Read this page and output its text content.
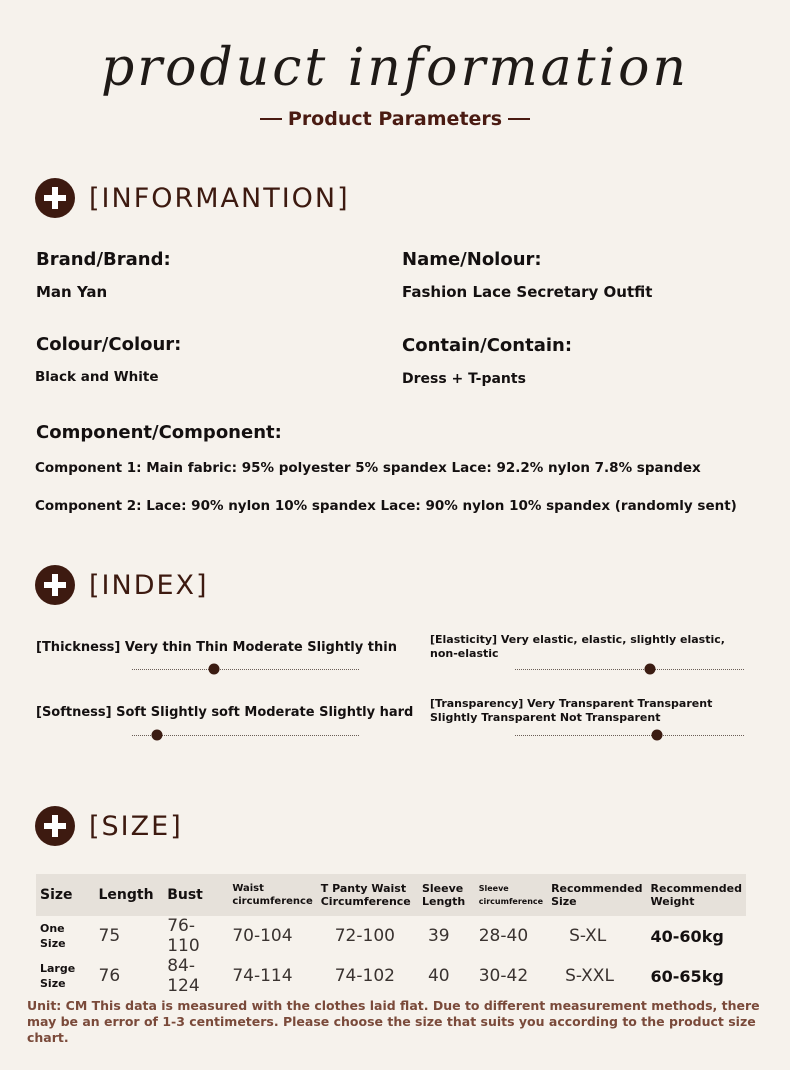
product information
Product Parameters
[INFORMANTION]
Brand/Brand:
Man Yan
Name/Nolour:
Fashion Lace Secretary Outfit
Colour/Colour:
Black and White
Contain/Contain:
Dress + T-pants
Component/Component:
Component 1: Main fabric: 95% polyester 5% spandex Lace: 92.2% nylon 7.8% spandex
Component 2: Lace: 90% nylon 10% spandex Lace: 90% nylon 10% spandex (randomly sent)
[INDEX]
[Thickness] Very thin Thin Moderate Slightly thin
[Softness] Soft Slightly soft Moderate Slightly hard
[Elasticity] Very elastic, elastic, slightly elastic, non-elastic
[Transparency] Very Transparent Transparent Slightly Transparent Not Transparent
[SIZE]
Size	Length	Bust	Waist circumference	T Panty Waist Circumference	Sleeve Length	Sleeve circumference	Recommended Size	Recommended Weight
One Size	75	76-110	70-104	72-100	39	28-40	S-XL	40-60kg
Large Size	76	84-124	74-114	74-102	40	30-42	S-XXL	60-65kg
Unit: CM This data is measured with the clothes laid flat. Due to different measurement methods, there may be an error of 1-3 centimeters. Please choose the size that suits you according to the product size chart.
